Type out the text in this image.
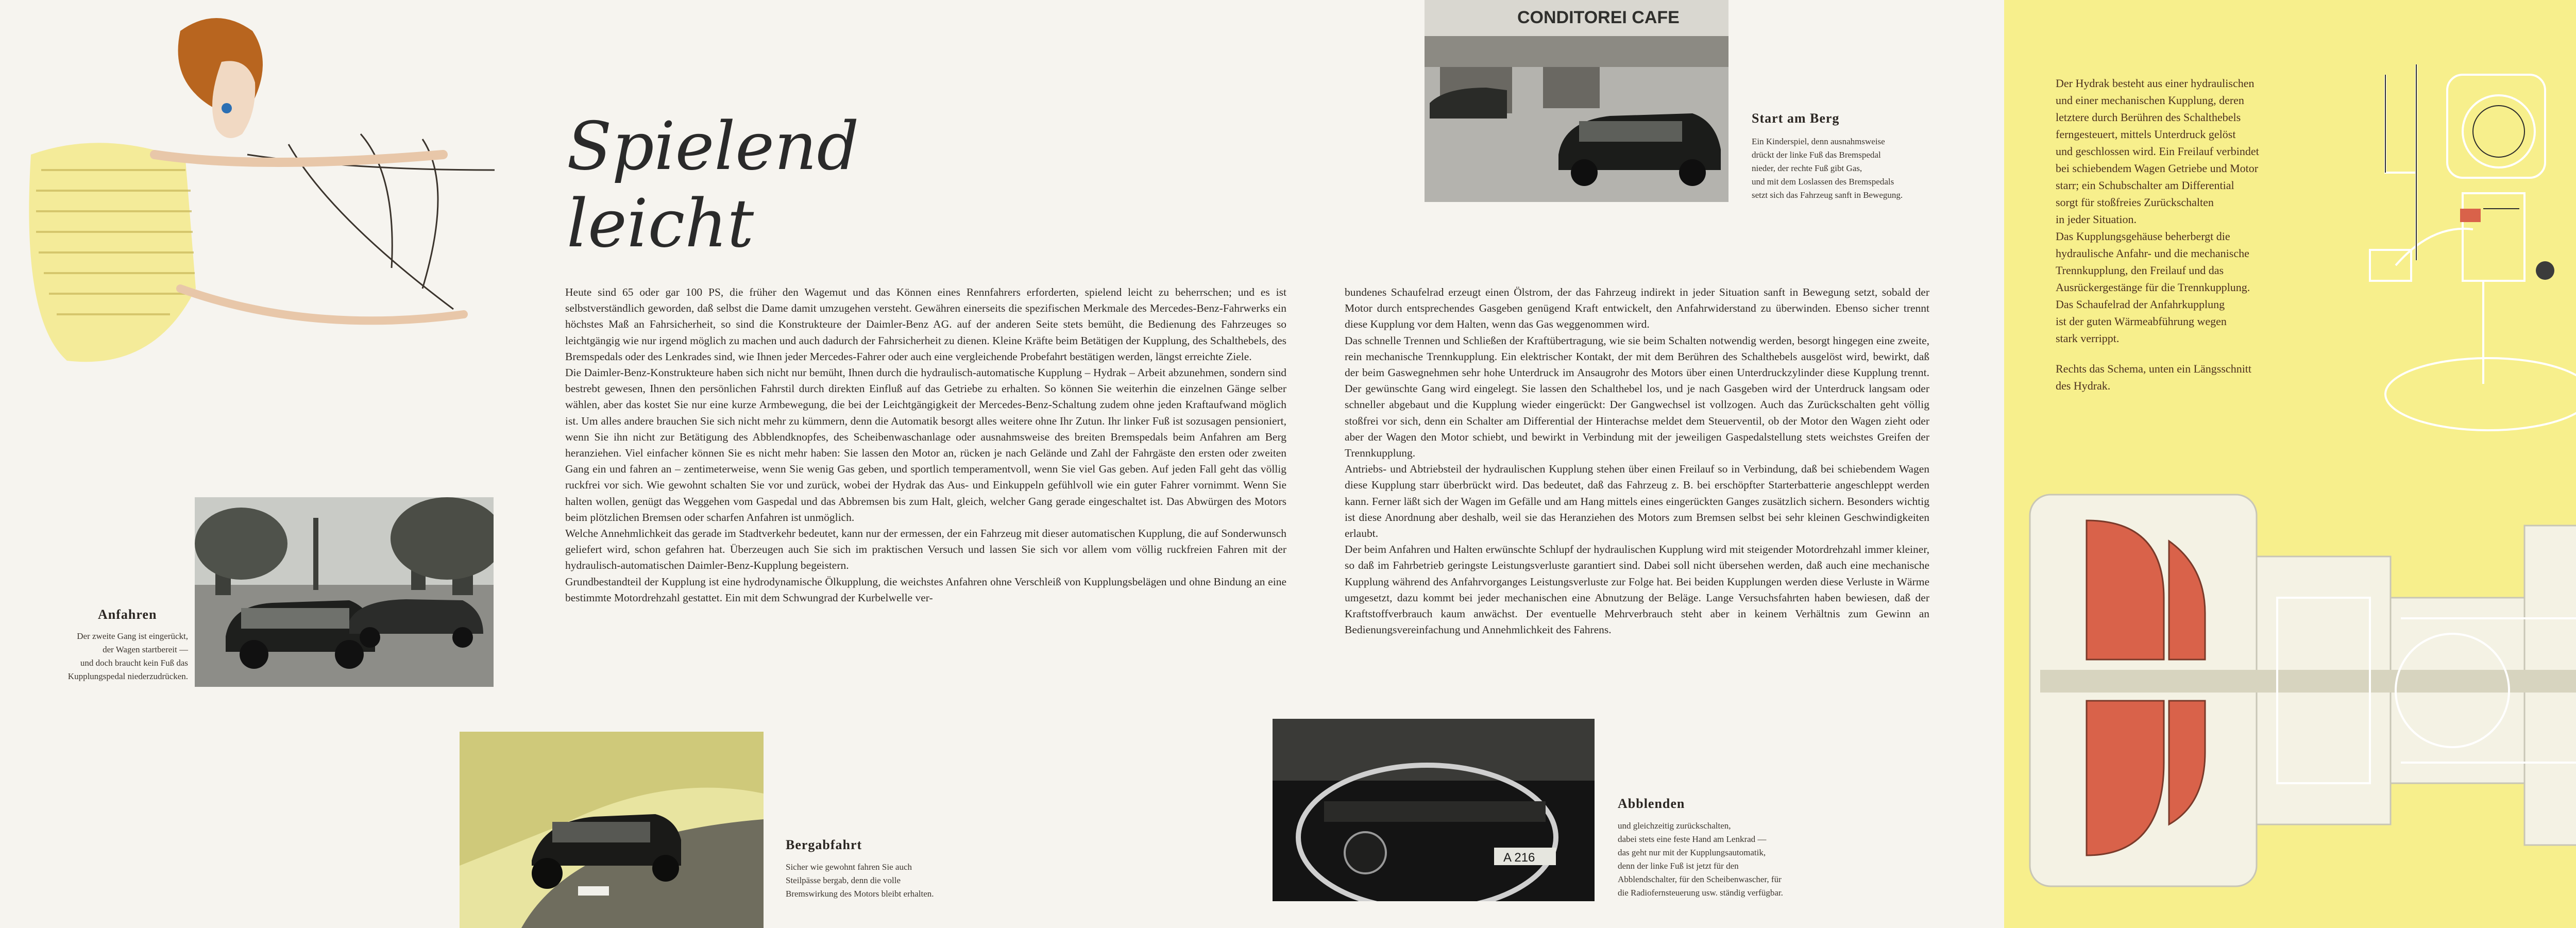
Spielend leicht
Anfahren
Der zweite Gang ist eingerückt,
der Wagen startbereit —
und doch braucht kein Fuß das
Kupplungspedal niederzudrücken.

Heute sind 65 oder gar 100 PS, die früher den Wagemut und das Können eines Rennfahrers erforderten, spielend leicht zu beherrschen; und es ist selbstverständlich geworden, daß selbst die Dame damit umzugehen versteht. Gewähren einerseits die spezifischen Merkmale des Mercedes-Benz-Fahrwerks ein höchstes Maß an Fahrsicherheit, so sind die Konstrukteure der Daimler-Benz AG. auf der anderen Seite stets bemüht, die Bedienung des Fahrzeuges so leichtgängig wie nur irgend möglich zu machen und auch dadurch der Fahrsicherheit zu dienen. Kleine Kräfte beim Betätigen der Kupplung, des Schalthebels, des Bremspedals oder des Lenkrades sind, wie Ihnen jeder Mercedes-Fahrer oder auch eine vergleichende Probefahrt bestätigen werden, längst erreichte Ziele.

Die Daimler-Benz-Konstrukteure haben sich nicht nur bemüht, Ihnen durch die hydraulisch-automatische Kupplung – Hydrak – Arbeit abzunehmen, sondern sind bestrebt gewesen, Ihnen den persönlichen Fahrstil durch direkten Einfluß auf das Getriebe zu erhalten. So können Sie weiterhin die einzelnen Gänge selber wählen, aber das kostet Sie nur eine kurze Armbewegung, die bei der Leichtgängigkeit der Mercedes-Benz-Schaltung zudem ohne jeden Kraftaufwand möglich ist. Um alles andere brauchen Sie sich nicht mehr zu kümmern, denn die Automatik besorgt alles weitere ohne Ihr Zutun. Ihr linker Fuß ist sozusagen pensioniert, wenn Sie ihn nicht zur Betätigung des Abblendknopfes, des Scheibenwaschanlage oder ausnahmsweise des breiten Bremspedals beim Anfahren am Berg heranziehen. Viel einfacher können Sie es nicht mehr haben: Sie lassen den Motor an, rücken je nach Gelände und Zahl der Fahrgäste den ersten oder zweiten Gang ein und fahren an – zentimeterweise, wenn Sie wenig Gas geben, und sportlich temperamentvoll, wenn Sie viel Gas geben. Auf jeden Fall geht das völlig ruckfrei vor sich. Wie gewohnt schalten Sie vor und zurück, wobei der Hydrak das Aus- und Einkuppeln gefühlvoll wie ein guter Fahrer vornimmt. Wenn Sie halten wollen, genügt das Weggehen vom Gaspedal und das Abbremsen bis zum Halt, gleich, welcher Gang gerade eingeschaltet ist. Das Abwürgen des Motors beim plötzlichen Bremsen oder scharfen Anfahren ist unmöglich.

Welche Annehmlichkeit das gerade im Stadtverkehr bedeutet, kann nur der ermessen, der ein Fahrzeug mit dieser automatischen Kupplung, die auf Sonderwunsch geliefert wird, schon gefahren hat. Überzeugen auch Sie sich im praktischen Versuch und lassen Sie sich vor allem vom völlig ruckfreien Fahren mit der hydraulisch-automatischen Daimler-Benz-Kupplung begeistern.

Grundbestandteil der Kupplung ist eine hydrodynamische Ölkupplung, die weichstes Anfahren ohne Verschleiß von Kupplungsbelägen und ohne Bindung an eine bestimmte Motordrehzahl gestattet. Ein mit dem Schwungrad der Kurbelwelle ver-

bundenes Schaufelrad erzeugt einen Ölstrom, der das Fahrzeug indirekt in jeder Situation sanft in Bewegung setzt, sobald der Motor durch entsprechendes Gasgeben genügend Kraft entwickelt, den Anfahrwiderstand zu überwinden. Ebenso sicher trennt diese Kupplung vor dem Halten, wenn das Gas weggenommen wird.

Das schnelle Trennen und Schließen der Kraftübertragung, wie sie beim Schalten notwendig werden, besorgt hingegen eine zweite, rein mechanische Trennkupplung. Ein elektrischer Kontakt, der mit dem Berühren des Schalthebels ausgelöst wird, bewirkt, daß der beim Gaswegnehmen sehr hohe Unterdruck im Ansaugrohr des Motors über einen Unterdruckzylinder diese Kupplung trennt. Der gewünschte Gang wird eingelegt. Sie lassen den Schalthebel los, und je nach Gasgeben wird der Unterdruck langsam oder schneller abgebaut und die Kupplung wieder eingerückt: Der Gangwechsel ist vollzogen. Auch das Zurückschalten geht völlig stoßfrei vor sich, denn ein Schalter am Differential der Hinterachse meldet dem Steuerventil, ob der Motor den Wagen zieht oder aber der Wagen den Motor schiebt, und bewirkt in Verbindung mit der jeweiligen Gaspedalstellung stets weichstes Greifen der Trennkupplung.

Antriebs- und Abtriebsteil der hydraulischen Kupplung stehen über einen Freilauf so in Verbindung, daß bei schiebendem Wagen diese Kupplung starr überbrückt wird. Das bedeutet, daß das Fahrzeug z. B. bei erschöpfter Starterbatterie angeschleppt werden kann. Ferner läßt sich der Wagen im Gefälle und am Hang mittels eines eingerückten Ganges zusätzlich sichern. Besonders wichtig ist diese Anordnung aber deshalb, weil sie das Heranziehen des Motors zum Bremsen selbst bei sehr kleinen Geschwindigkeiten erlaubt.

Der beim Anfahren und Halten erwünschte Schlupf der hydraulischen Kupplung wird mit steigender Motordrehzahl immer kleiner, so daß im Fahrbetrieb geringste Leistungsverluste garantiert sind. Dabei soll nicht übersehen werden, daß auch eine mechanische Kupplung während des Anfahrvorganges Leistungsverluste zur Folge hat. Bei beiden Kupplungen werden diese Verluste in Wärme umgesetzt, dazu kommt bei jeder mechanischen eine Abnutzung der Beläge. Lange Versuchsfahrten haben bewiesen, daß der Kraftstoffverbrauch kaum anwächst. Der eventuelle Mehrverbrauch steht aber in keinem Verhältnis zum Gewinn an Bedienungsvereinfachung und Annehmlichkeit des Fahrens.

CONDITOREI CAFE
Start am Berg
Ein Kinderspiel, denn ausnahmsweise
drückt der linke Fuß das Bremspedal
nieder, der rechte Fuß gibt Gas,
und mit dem Loslassen des Bremspedals
setzt sich das Fahrzeug sanft in Bewegung.
Bergabfahrt
Sicher wie gewohnt fahren Sie auch
Steilpässe bergab, denn die volle
Bremswirkung des Motors bleibt erhalten.
A 216
Abblenden
und gleichzeitig zurückschalten,
dabei stets eine feste Hand am Lenkrad —
das geht nur mit der Kupplungsautomatik,
denn der linke Fuß ist jetzt für den
Abblendschalter, für den Scheibenwascher, für
die Radiofernsteuerung usw. ständig verfügbar.

Der Hydrak besteht aus einer hydraulischen
und einer mechanischen Kupplung, deren
letztere durch Berühren des Schalthebels
ferngesteuert, mittels Unterdruck gelöst
und geschlossen wird. Ein Freilauf verbindet
bei schiebendem Wagen Getriebe und Motor
starr; ein Schubschalter am Differential
sorgt für stoßfreies Zurückschalten
in jeder Situation.
Das Kupplungsgehäuse beherbergt die
hydraulische Anfahr- und die mechanische
Trennkupplung, den Freilauf und das
Ausrückergestänge für die Trennkupplung.
Das Schaufelrad der Anfahrkupplung
ist der guten Wärmeabführung wegen
stark verrippt.

Rechts das Schema, unten ein Längsschnitt
des Hydrak.
